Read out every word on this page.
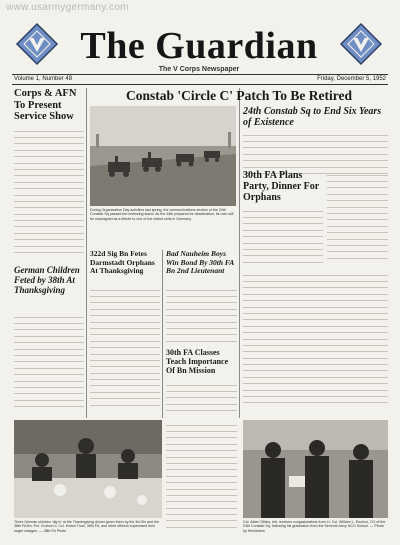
www.usarmygermany.com
The Guardian
The V Corps Newspaper
Volume 1, Number 48	Friday, December 5, 1952
Corps & AFN To Present Service Show
German Children Feted by 38th At Thanksgiving
Constab 'Circle C' Patch To Be Retired
During Organization Day activities last spring, the communications section of the 24th Constab Sq passed the reviewing stand. As the 24th prepares for deactivation, its men will be reassigned as a tribute to one of the oldest units in Germany.
24th Constab Sq to End Six Years of Existence
30th FA Plans Party, Dinner For Orphans
322d Sig Bn Fetes Darmstadt Orphans At Thanksgiving
Bad Nauheim Boys Win Bond By 30th FA Bn 2nd Lieutenant
30th FA Classes Teach Importance Of Bn Mission
Three German children 'dig in' at the Thanksgiving dinner given them by the 3rd Bn and the 38th FA Bn. Pvt. Crofoot Lt. Col. Edwin Trust, 38th FA, and other officers supervised their eager charges. — 38th FA Photo
Col. Alden Sibley, left, receives congratulations from Lt. Col. William L. Rozhon, CO of the 24th Constab Sq, following his graduation from the Seventh Army NCO School. — Photo by Hechtstein
